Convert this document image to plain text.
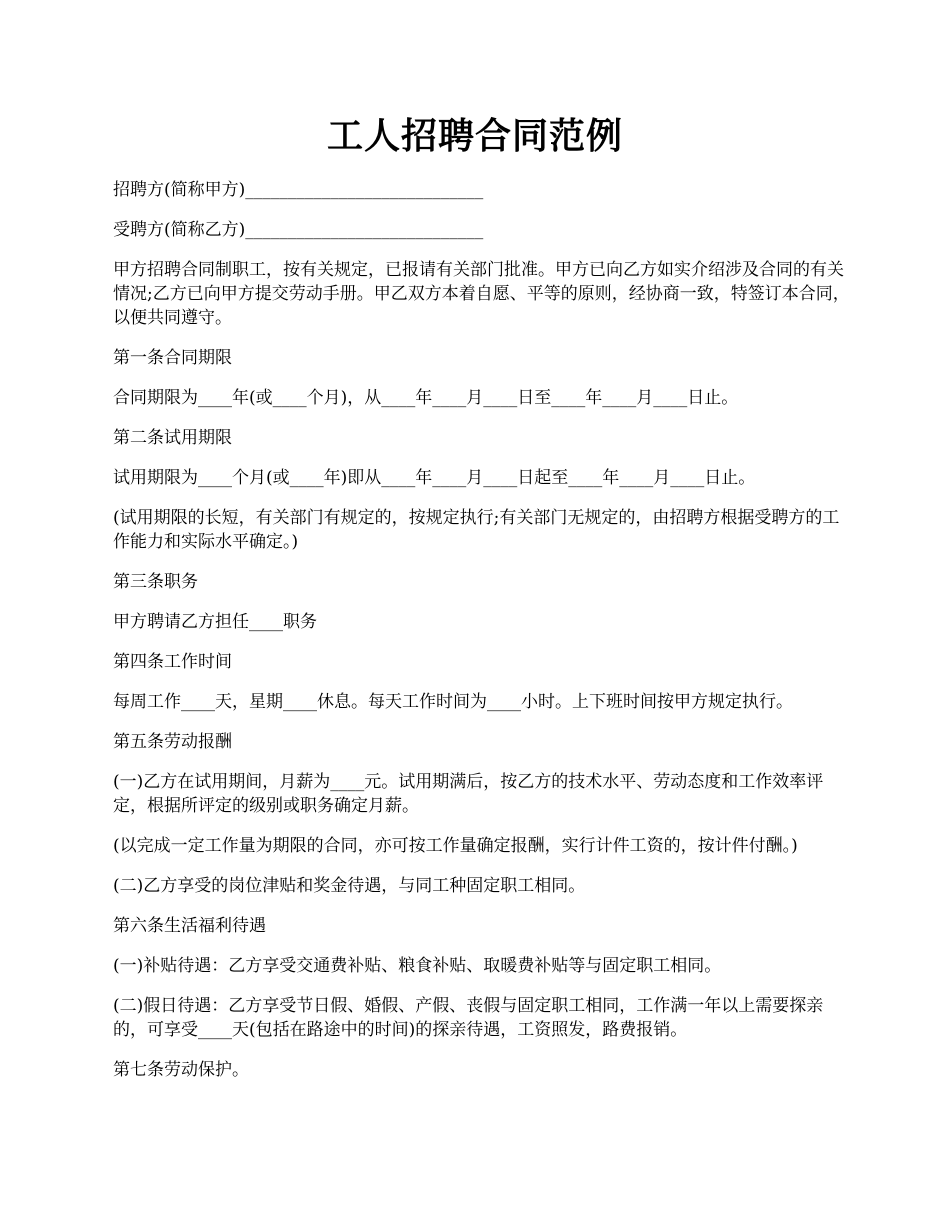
工人招聘合同范例

招聘方(简称甲方)____________________________

受聘方(简称乙方)____________________________

甲方招聘合同制职工，按有关规定，已报请有关部门批准。甲方已向乙方如实介绍涉及合同的有关情况;乙方已向甲方提交劳动手册。甲乙双方本着自愿、平等的原则，经协商一致，特签订本合同，以便共同遵守。

第一条合同期限

合同期限为____年(或____个月)，从____年____月____日至____年____月____日止。

第二条试用期限

试用期限为____个月(或____年)即从____年____月____日起至____年____月____日止。

(试用期限的长短，有关部门有规定的，按规定执行;有关部门无规定的，由招聘方根据受聘方的工作能力和实际水平确定。)

第三条职务

甲方聘请乙方担任____职务

第四条工作时间

每周工作____天，星期____休息。每天工作时间为____小时。上下班时间按甲方规定执行。

第五条劳动报酬

(一)乙方在试用期间，月薪为____元。试用期满后，按乙方的技术水平、劳动态度和工作效率评定，根据所评定的级别或职务确定月薪。

(以完成一定工作量为期限的合同，亦可按工作量确定报酬，实行计件工资的，按计件付酬。)

(二)乙方享受的岗位津贴和奖金待遇，与同工种固定职工相同。

第六条生活福利待遇

(一)补贴待遇：乙方享受交通费补贴、粮食补贴、取暖费补贴等与固定职工相同。

(二)假日待遇：乙方享受节日假、婚假、产假、丧假与固定职工相同，工作满一年以上需要探亲的，可享受____天(包括在路途中的时间)的探亲待遇，工资照发，路费报销。

第七条劳动保护。
